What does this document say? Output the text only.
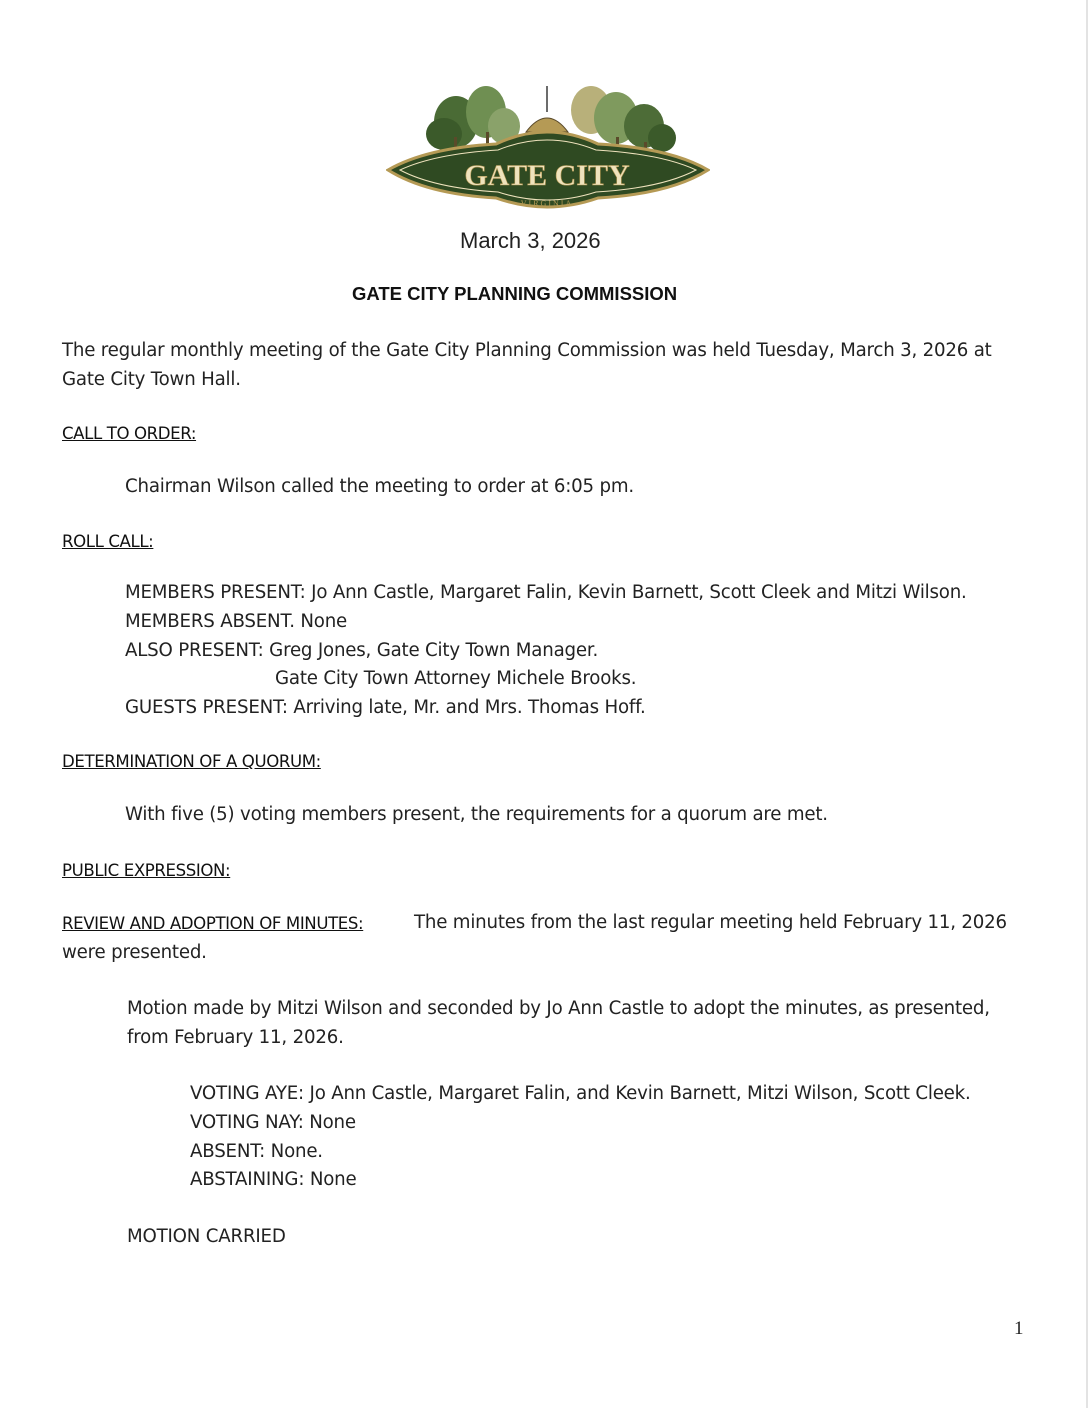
GATE CITY
VIRGINIA
March 3, 2026
GATE CITY PLANNING COMMISSION
The regular monthly meeting of the Gate City Planning Commission was held Tuesday, March 3, 2026 at
Gate City Town Hall.
CALL TO ORDER:
Chairman Wilson called the meeting to order at 6:05 pm.
ROLL CALL:
MEMBERS PRESENT: Jo Ann Castle, Margaret Falin, Kevin Barnett, Scott Cleek and Mitzi Wilson.
MEMBERS ABSENT. None
ALSO PRESENT: Greg Jones, Gate City Town Manager.
Gate City Town Attorney Michele Brooks.
GUESTS PRESENT: Arriving late, Mr. and Mrs. Thomas Hoff.
DETERMINATION OF A QUORUM:
With five (5) voting members present, the requirements for a quorum are met.
PUBLIC EXPRESSION:
REVIEW AND ADOPTION OF MINUTES:	The minutes from the last regular meeting held February 11, 2026
were presented.
Motion made by Mitzi Wilson and seconded by Jo Ann Castle to adopt the minutes, as presented,
from February 11, 2026.
VOTING AYE: Jo Ann Castle, Margaret Falin, and Kevin Barnett, Mitzi Wilson, Scott Cleek.
VOTING NAY: None
ABSENT: None.
ABSTAINING: None
MOTION CARRIED
1
